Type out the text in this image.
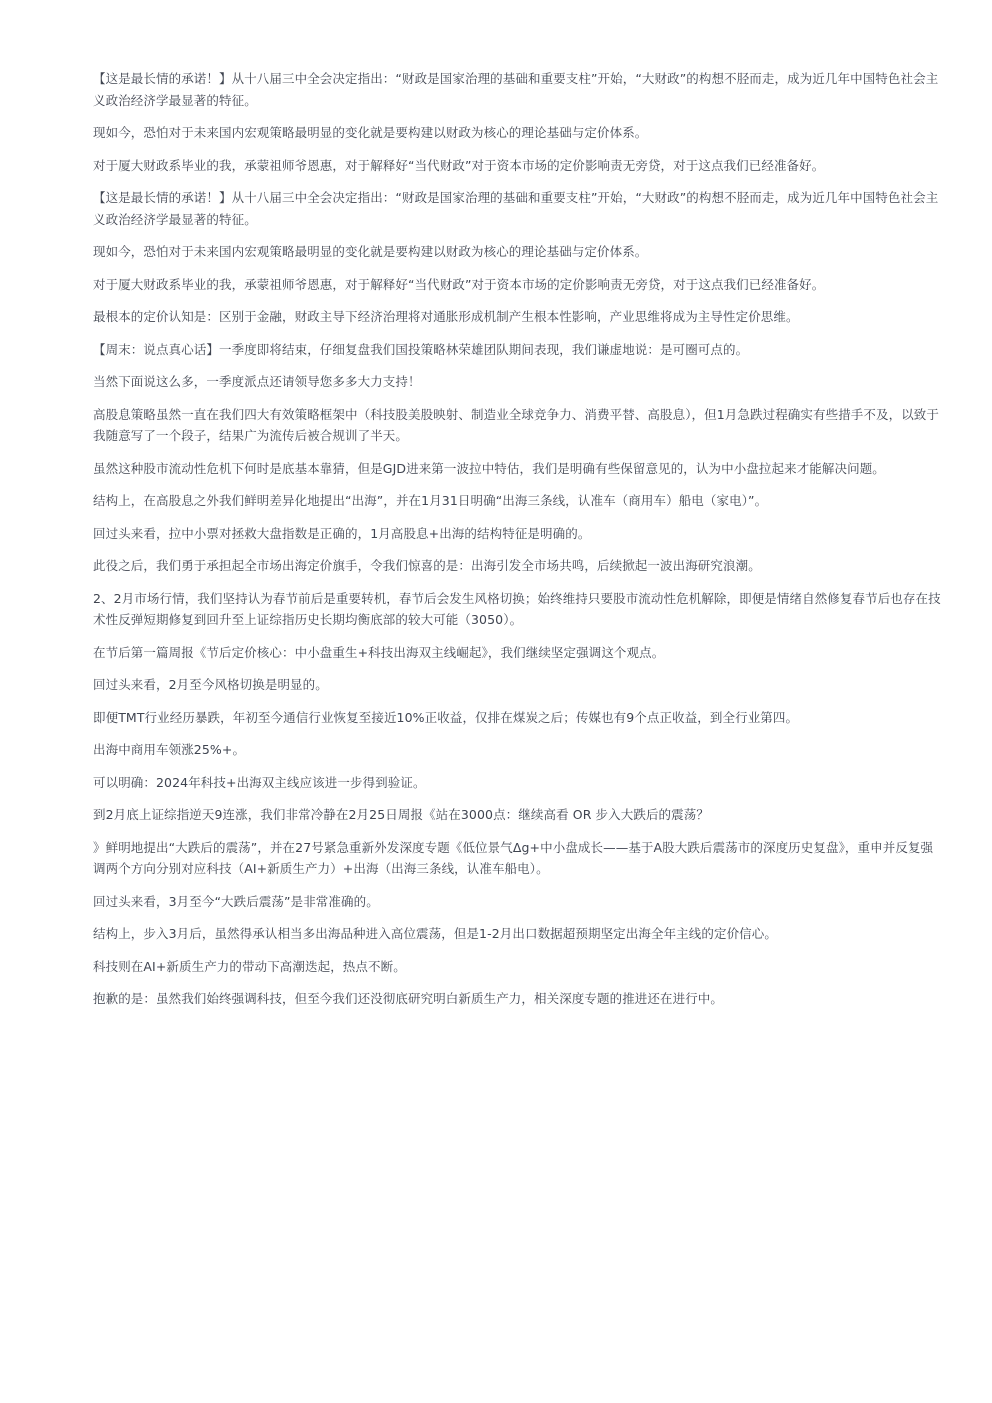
【这是最长情的承诺！】从十八届三中全会决定指出：“财政是国家治理的基础和重要支柱”开始，“大财政”的构想不胫而走，成为近几年中国特色社会主义政治经济学最显著的特征。

现如今，恐怕对于未来国内宏观策略最明显的变化就是要构建以财政为核心的理论基础与定价体系。

对于厦大财政系毕业的我，承蒙祖师爷恩惠，对于解释好“当代财政”对于资本市场的定价影响责无旁贷，对于这点我们已经准备好。

【这是最长情的承诺！】从十八届三中全会决定指出：“财政是国家治理的基础和重要支柱”开始，“大财政”的构想不胫而走，成为近几年中国特色社会主义政治经济学最显著的特征。

现如今，恐怕对于未来国内宏观策略最明显的变化就是要构建以财政为核心的理论基础与定价体系。

对于厦大财政系毕业的我，承蒙祖师爷恩惠，对于解释好“当代财政”对于资本市场的定价影响责无旁贷，对于这点我们已经准备好。

最根本的定价认知是：区别于金融，财政主导下经济治理将对通胀形成机制产生根本性影响，产业思维将成为主导性定价思维。

【周末：说点真心话】一季度即将结束，仔细复盘我们国投策略林荣雄团队期间表现，我们谦虚地说：是可圈可点的。

当然下面说这么多，一季度派点还请领导您多多大力支持！

高股息策略虽然一直在我们四大有效策略框架中（科技股美股映射、制造业全球竞争力、消费平替、高股息），但1月急跌过程确实有些措手不及，以致于我随意写了一个段子，结果广为流传后被合规训了半天。

虽然这种股市流动性危机下何时是底基本靠猜，但是GJD进来第一波拉中特估，我们是明确有些保留意见的，认为中小盘拉起来才能解决问题。

结构上，在高股息之外我们鲜明差异化地提出“出海”，并在1月31日明确“出海三条线，认准车（商用车）船电（家电）”。

回过头来看，拉中小票对拯救大盘指数是正确的，1月高股息+出海的结构特征是明确的。

此役之后，我们勇于承担起全市场出海定价旗手，令我们惊喜的是：出海引发全市场共鸣，后续掀起一波出海研究浪潮。

2、2月市场行情，我们坚持认为春节前后是重要转机，春节后会发生风格切换；始终维持只要股市流动性危机解除，即便是情绪自然修复春节后也存在技术性反弹短期修复到回升至上证综指历史长期均衡底部的较大可能（3050）。

在节后第一篇周报《节后定价核心：中小盘重生+科技出海双主线崛起》，我们继续坚定强调这个观点。

回过头来看，2月至今风格切换是明显的。

即便TMT行业经历暴跌，年初至今通信行业恢复至接近10%正收益，仅排在煤炭之后；传媒也有9个点正收益，到全行业第四。

出海中商用车领涨25%+。

可以明确：2024年科技+出海双主线应该进一步得到验证。

到2月底上证综指逆天9连涨，我们非常冷静在2月25日周报《站在3000点：继续高看 OR 步入大跌后的震荡？

》鲜明地提出“大跌后的震荡”，并在27号紧急重新外发深度专题《低位景气Δg+中小盘成长——基于A股大跌后震荡市的深度历史复盘》，重申并反复强调两个方向分别对应科技（AI+新质生产力）+出海（出海三条线，认准车船电）。

回过头来看，3月至今“大跌后震荡”是非常准确的。

结构上，步入3月后，虽然得承认相当多出海品种进入高位震荡，但是1-2月出口数据超预期坚定出海全年主线的定价信心。

科技则在AI+新质生产力的带动下高潮迭起，热点不断。

抱歉的是：虽然我们始终强调科技，但至今我们还没彻底研究明白新质生产力，相关深度专题的推进还在进行中。
